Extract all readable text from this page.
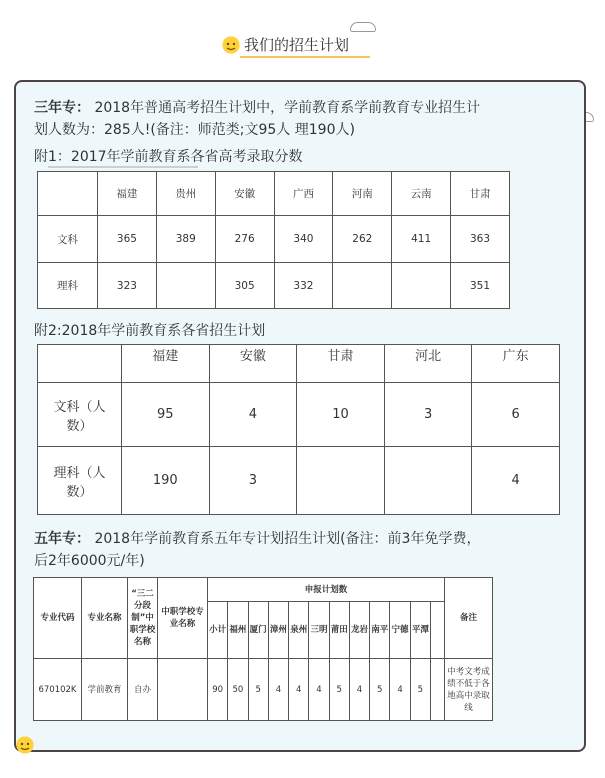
我们的招生计划
三年专： 2018年普通高考招生计划中，学前教育系学前教育专业招生计
划人数为：285人!(备注：师范类;文95人 理190人)
附1：2017年学前教育系各省高考录取分数
	福建	贵州	安徽	广西	河南	云南	甘肃
文科	365	389	276	340	262	411	363
理科	323		305	332			351
附2:2018年学前教育系各省招生计划
	福建	安徽	甘肃	河北	广东
文科（人数）	95	4	10	3	6
理科（人数）	190	3			4
五年专： 2018年学前教育系五年专计划招生计划(备注：前3年免学费，
后2年6000元/年)
专业代码	专业名称	“三二分段制”中职学校名称	中职学校专业名称	申报计划数												备注
				小计	福州	厦门	漳州	泉州	三明	莆田	龙岩	南平	宁德	平潭		
670102K	学前教育	自办		90	50	5	4	4	4	5	4	5	4	5		中考文考成绩不低于各地高中录取线
